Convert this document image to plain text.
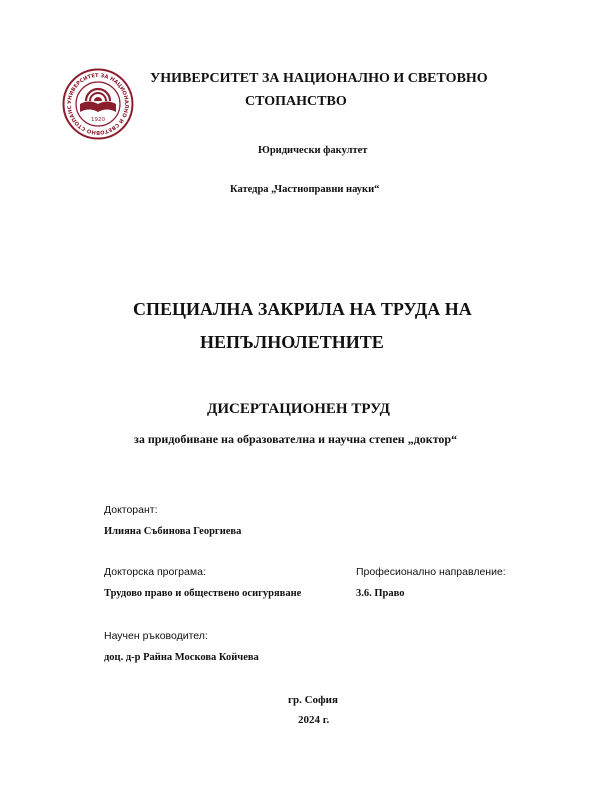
УНИВЕРСИТЕТ ЗА НАЦИОНАЛНО И СВЕТОВНО СТОПАНС
1920
УНИВЕРСИТЕТ ЗА НАЦИОНАЛНО И СВЕТОВНО
СТОПАНСТВО
Юридически факултет
Катедра „Частноправни науки“
СПЕЦИАЛНА ЗАКРИЛА НА ТРУДА НА
НЕПЪЛНОЛЕТНИТЕ
ДИСЕРТАЦИОНЕН ТРУД
за придобиване на образователна и научна степен „доктор“
Докторант:
Илияна Събинова Георгиева
Докторска програма:
Трудово право и обществено осигуряване
Професионално направление:
3.6. Право
Научен ръководител:
доц. д-р Райна Москова Койчева
гр. София
2024 г.
